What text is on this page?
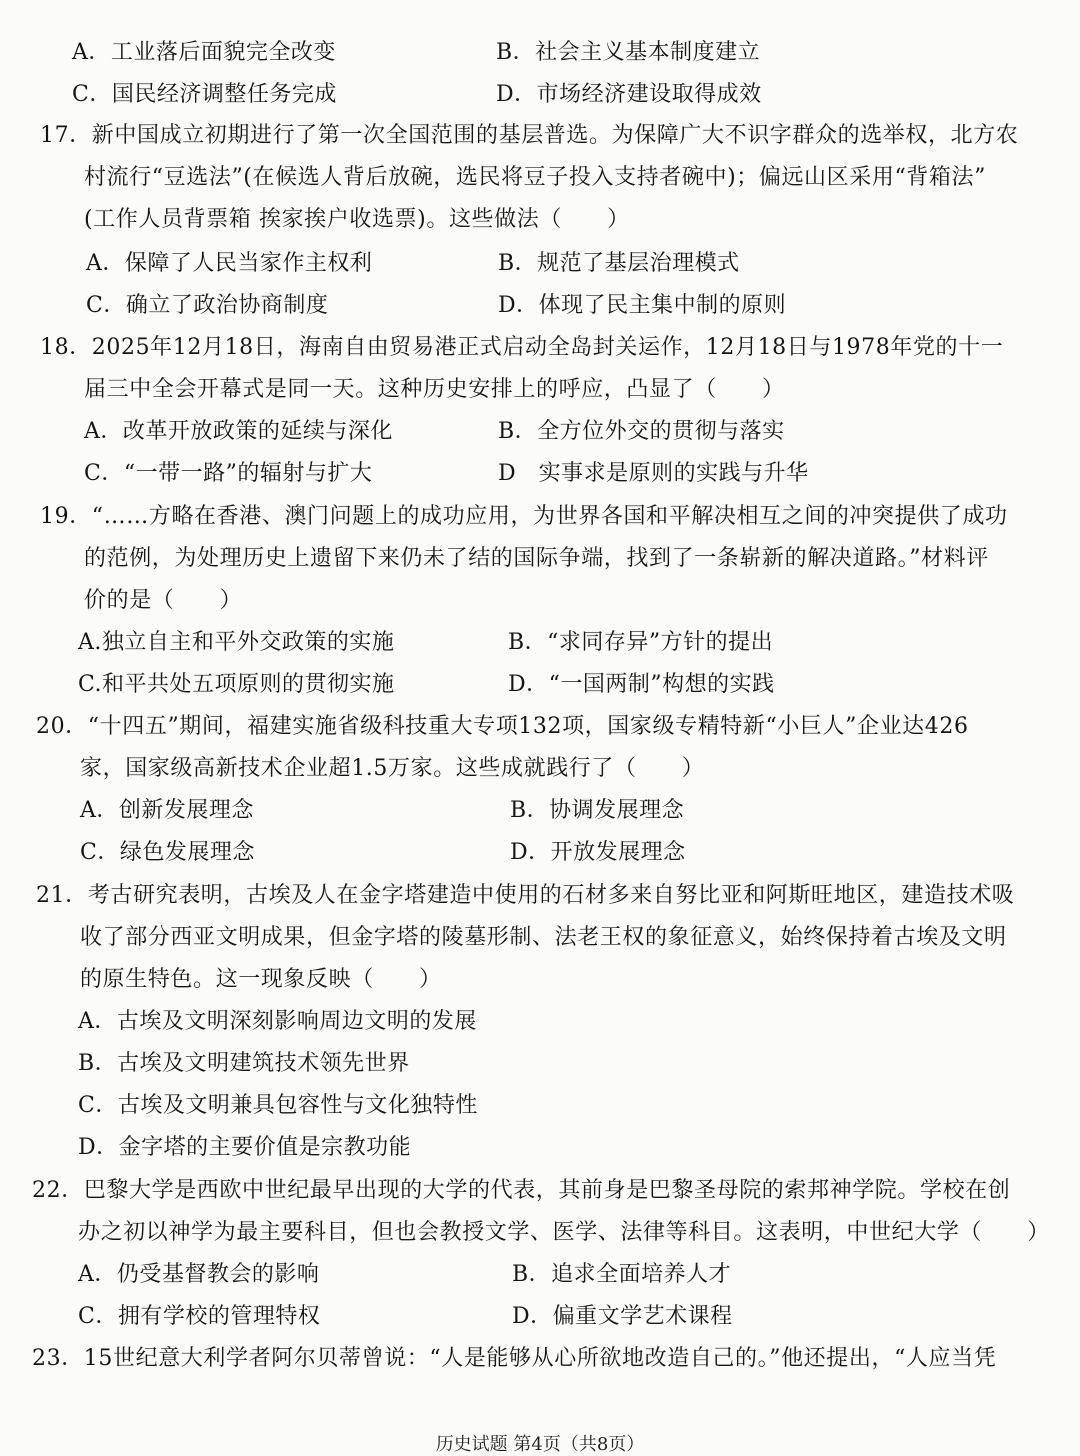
A．工业落后面貌完全改变	B．社会主义基本制度建立
C．国民经济调整任务完成	D．市场经济建设取得成效
17．新中国成立初期进行了第一次全国范围的基层普选。为保障广大不识字群众的选举权，北方农
村流行“豆选法”(在候选人背后放碗，选民将豆子投入支持者碗中)；偏远山区采用“背箱法”
(工作人员背票箱 挨家挨户收选票)。这些做法（　　）
A．保障了人民当家作主权利	B．规范了基层治理模式
C．确立了政治协商制度	D．体现了民主集中制的原则
18．2025年12月18日，海南自由贸易港正式启动全岛封关运作，12月18日与1978年党的十一
届三中全会开幕式是同一天。这种历史安排上的呼应，凸显了（　　）
A．改革开放政策的延续与深化	B．全方位外交的贯彻与落实
C．“一带一路”的辐射与扩大	D　实事求是原则的实践与升华
19．“……方略在香港、澳门问题上的成功应用，为世界各国和平解决相互之间的冲突提供了成功
的范例，为处理历史上遗留下来仍未了结的国际争端，找到了一条崭新的解决道路。”材料评
价的是（　　）
A.独立自主和平外交政策的实施	B．“求同存异”方针的提出
C.和平共处五项原则的贯彻实施	D．“一国两制”构想的实践
20．“十四五”期间，福建实施省级科技重大专项132项，国家级专精特新“小巨人”企业达426
家，国家级高新技术企业超1.5万家。这些成就践行了（　　）
A．创新发展理念	B．协调发展理念
C．绿色发展理念	D．开放发展理念
21．考古研究表明，古埃及人在金字塔建造中使用的石材多来自努比亚和阿斯旺地区，建造技术吸
收了部分西亚文明成果，但金字塔的陵墓形制、法老王权的象征意义，始终保持着古埃及文明
的原生特色。这一现象反映（　　）
A．古埃及文明深刻影响周边文明的发展
B．古埃及文明建筑技术领先世界
C．古埃及文明兼具包容性与文化独特性
D．金字塔的主要价值是宗教功能
22．巴黎大学是西欧中世纪最早出现的大学的代表，其前身是巴黎圣母院的索邦神学院。学校在创
办之初以神学为最主要科目，但也会教授文学、医学、法律等科目。这表明，中世纪大学（　　）
A．仍受基督教会的影响	B．追求全面培养人才
C．拥有学校的管理特权	D．偏重文学艺术课程
23．15世纪意大利学者阿尔贝蒂曾说：“人是能够从心所欲地改造自己的。”他还提出，“人应当凭
历史试题 第4页（共8页）
